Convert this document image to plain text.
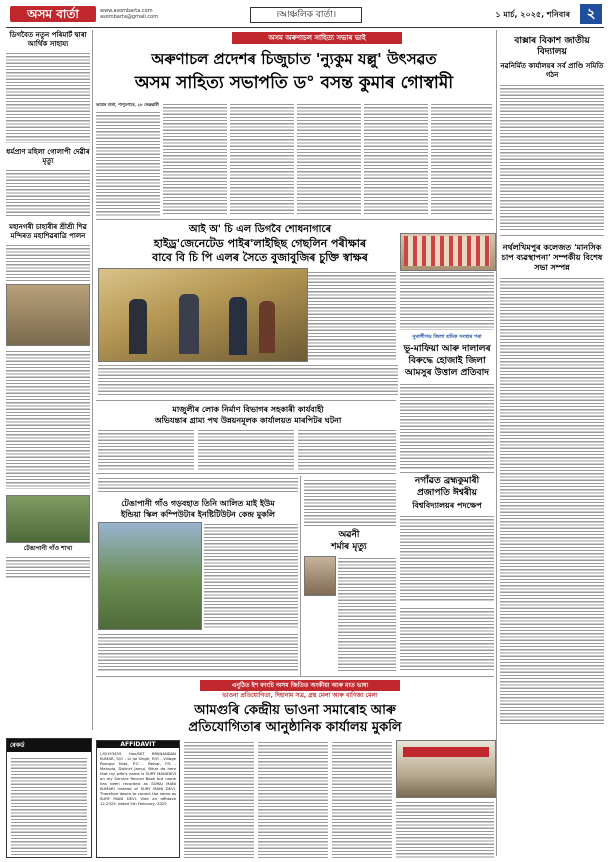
অসম বাৰ্তা	www.asombarta.com
asombarta@gmail.com	।আঞ্চলিক বাৰ্তা।	১ মাৰ্চ, ২০২৫, শনিবাৰ	২
ডিগবৈত নতুন পৰিমাৰ্ট দ্বাৰা আৰ্থিক সাহায্য
ধৰ্মপ্ৰাণ মহিলা গোলাপী দেৱীৰ মৃত্যু
মহানগৰী চাহাৰীৰ শ্ৰীশ্ৰী শিৱ মন্দিৰত মহাশিৱৰাত্ৰি পালন
টেঙাপানী গাঁও শাখা
ৰেকৰ্ড
অসম অৰুণাচল সাহিত্য সভাৰ ভাই
অৰুণাচল প্ৰদেশৰ চিজুচাত 'ন্যুকুম যল্লু' উৎসৱত
অসম সাহিত্য সভাপতি ড° বসন্ত কুমাৰ গোস্বামী
আমাৰ বাৰ্তা, পাপুমপাৰে, ২৮ ফেব্ৰুৱাৰী
বাক্সাৰ বিকাশ জাতীয় বিদ্যালয়
নৱনিৰ্মিত কাৰ্যালয়ৰ সৰ্ব প্ৰাণ্ডি সমিতি গঠন
নৰ্থলখিমপুৰ কলেজত 'মানসিক চাপ ব্যৱস্থাপনা' সম্পৰ্কীয় বিশেষ সভা সম্পন্ন
আই অ' চি এল ডিগবৈ শোধনাগাৰে
হাইড্ৰ'জেনেটেড পাইৰ'লাইছিছ গেছলিন পৰীক্ষাৰ
বাবে বি চি পি এলৰ সৈতে বুজাবুজিৰ চুক্তি স্বাক্ষৰ
নুমালীগড় জিলা শ্ৰমিক সংস্থাৰ পৰা
ভূ-মাফিয়া আৰু দালালৰ
বিৰুদ্ধে হোজাই জিলা
আমসুৰ উত্তাল প্ৰতিবাদ
মাজুলীৰ লোক নিৰ্মাণ বিভাগৰ সহকাৰী কাৰ্যবাহী
অভিযন্তাৰ গ্ৰাম্য পথ উন্নয়নমূলক কাৰ্যালয়ত মাৰপিটৰ ঘটনা
নগাঁৱত ব্ৰহ্মকুমাৰী
প্ৰজাপতি ঈশ্বৰীয়
বিশ্ববিদ্যালয়ৰ পদক্ষেপ
টেঙাপানী গাঁও গড়বহাত তিনি আলিত মাই ইউম
ইন্ডিয়া স্কিল কম্পিউটাৰ ইনষ্টিটিউটন কেন্দ্ৰ মুকলি
অৱনী
শৰ্মাৰ মৃত্যু
এনুঠিত ইশ ফাংচি অসম জিতিত অংকীয়া আৰু মাত ভাষা
ভাওনা প্ৰতিযোগিতা, দিহানাম সত্ৰ, গ্ৰন্থ মেলা আৰু বাণিজ্য মেলা
আমগুৰি কেন্দ্ৰীয় ভাওনা সমাৰোহ আৰু
প্ৰতিযোগিতাৰ আনুষ্ঠানিক কাৰ্যালয় মুকলি
AFFIDAVIT
I,M/193455 Hav/SKT BRIJNANDAN KUMAR, S/O - Lt Jai Singh, R/O - Village Ramgur Kota, P.O - Belsar, P.S - Mahuda, District Jamul, Bihar do here that my wife's name is SURY MANIDEVI on my Service Record Book but name has been recorded as SURAJ MANI KUMARI instead of SURY MANI DEVI. Therefore desire to correct the name as SURY MANI DEVI. Vide an affidavit 12.2025, dated 5th February, 2025
